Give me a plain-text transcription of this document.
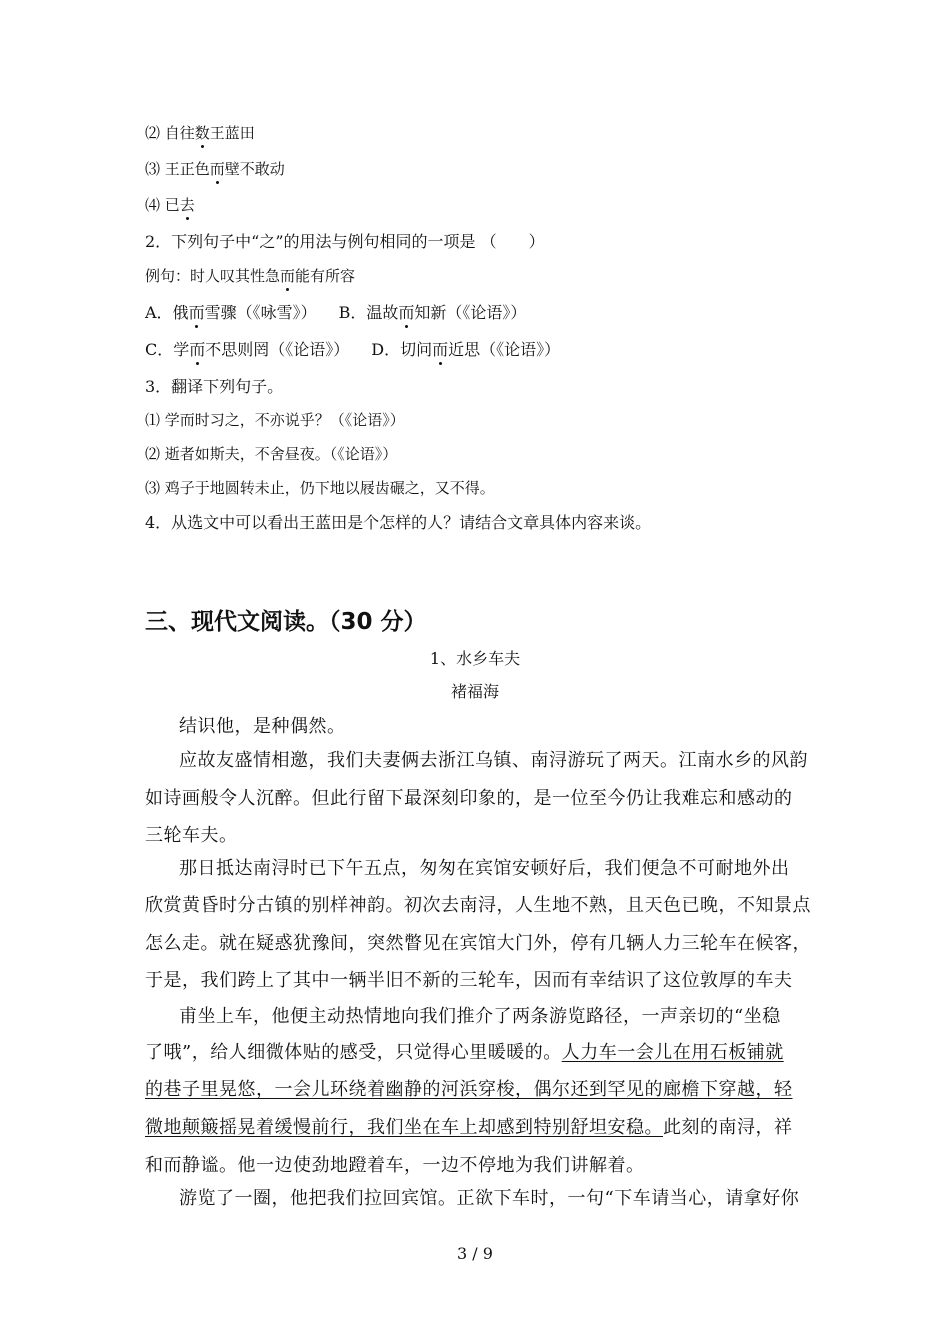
⑵ 自往数王蓝田
⑶ 王正色而壁不敢动
⑷ 已去
2．下列句子中“之”的用法与例句相同的一项是 （　　）
例句：时人叹其性急而能有所容
A．俄而雪骤（《咏雪》） B．温故而知新（《论语》）
C．学而不思则罔（《论语》） D．切问而近思（《论语》）
3．翻译下列句子。
⑴ 学而时习之，不亦说乎？（《论语》）
⑵ 逝者如斯夫，不舍昼夜。（《论语》）
⑶ 鸡子于地圆转未止，仍下地以屐齿碾之，又不得。
4．从选文中可以看出王蓝田是个怎样的人？请结合文章具体内容来谈。
三、现代文阅读。（30 分）
1、水乡车夫
褚福海
结识他，是种偶然。
应故友盛情相邀，我们夫妻俩去浙江乌镇、南浔游玩了两天。江南水乡的风韵
如诗画般令人沉醉。但此行留下最深刻印象的，是一位至今仍让我难忘和感动的
三轮车夫。
那日抵达南浔时已下午五点，匆匆在宾馆安顿好后，我们便急不可耐地外出
欣赏黄昏时分古镇的别样神韵。初次去南浔，人生地不熟，且天色已晚，不知景点
怎么走。就在疑惑犹豫间，突然瞥见在宾馆大门外，停有几辆人力三轮车在候客，
于是，我们跨上了其中一辆半旧不新的三轮车，因而有幸结识了这位敦厚的车夫
甫坐上车，他便主动热情地向我们推介了两条游览路径，一声亲切的“坐稳
了哦”，给人细微体贴的感受，只觉得心里暖暖的。人力车一会儿在用石板铺就
的巷子里晃悠，一会儿环绕着幽静的河浜穿梭，偶尔还到罕见的廊檐下穿越，轻
微地颠簸摇晃着缓慢前行，我们坐在车上却感到特别舒坦安稳。此刻的南浔，祥
和而静谧。他一边使劲地蹬着车，一边不停地为我们讲解着。
游览了一圈，他把我们拉回宾馆。正欲下车时，一句“下车请当心，请拿好你
3 / 9
